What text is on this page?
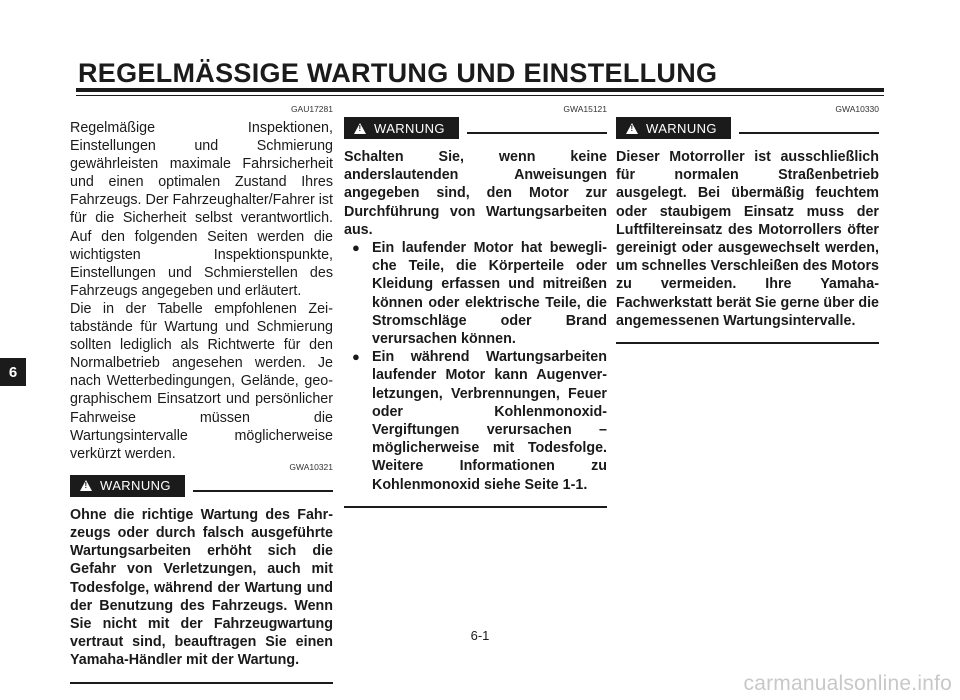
REGELMÄSSIGE WARTUNG UND EINSTELLUNG
6
GAU17281

Regelmäßige Inspektionen, Einstellungen und Schmierung gewährleisten maximale Fahrsicherheit und einen optimalen Zustand Ihres Fahrzeugs. Der Fahrzeughalter/Fahrer ist für die Sicherheit selbst verantwortlich. Auf den folgenden Seiten werden die wichtigsten Inspektionspunkte, Einstellungen und Schmierstellen des Fahrzeugs angegeben und erläutert.

Die in der Tabelle empfohlenen Zeitabstände für Wartung und Schmierung sollten lediglich als Richtwerte für den Normalbetrieb angesehen werden. Je nach Wetterbedingungen, Gelände, geographischem Einsatzort und persönlicher Fahrweise müssen die Wartungsintervalle möglicherweise verkürzt werden.

GWA10321
! WARNUNG

Ohne die richtige Wartung des Fahrzeugs oder durch falsch ausgeführte Wartungsarbeiten erhöht sich die Gefahr von Verletzungen, auch mit Todesfolge, während der Wartung und der Benutzung des Fahrzeugs. Wenn Sie nicht mit der Fahrzeugwartung vertraut sind, beauftragen Sie einen Yamaha-Händler mit der Wartung.

GWA15121
! WARNUNG

Schalten Sie, wenn keine anderslautenden Anweisungen angegeben sind, den Motor zur Durchführung von Wartungsarbeiten aus.

● Ein laufender Motor hat bewegliche Teile, die Körperteile oder Kleidung erfassen und mitreißen können oder elektrische Teile, die Stromschläge oder Brand verursachen können.
● Ein während Wartungsarbeiten laufender Motor kann Augenverletzungen, Verbrennungen, Feuer oder Kohlenmonoxid-Vergiftungen verursachen – möglicherweise mit Todesfolge. Weitere Informationen zu Kohlenmonoxid siehe Seite 1-1.
GWA10330
! WARNUNG

Dieser Motorroller ist ausschließlich für normalen Straßenbetrieb ausgelegt. Bei übermäßig feuchtem oder staubigem Einsatz muss der Luftfiltereinsatz des Motorrollers öfter gereinigt oder ausgewechselt werden, um schnelles Verschleißen des Motors zu vermeiden. Ihre Yamaha-Fachwerkstatt berät Sie gerne über die angemessenen Wartungsintervalle.

6-1
carmanualsonline.info
